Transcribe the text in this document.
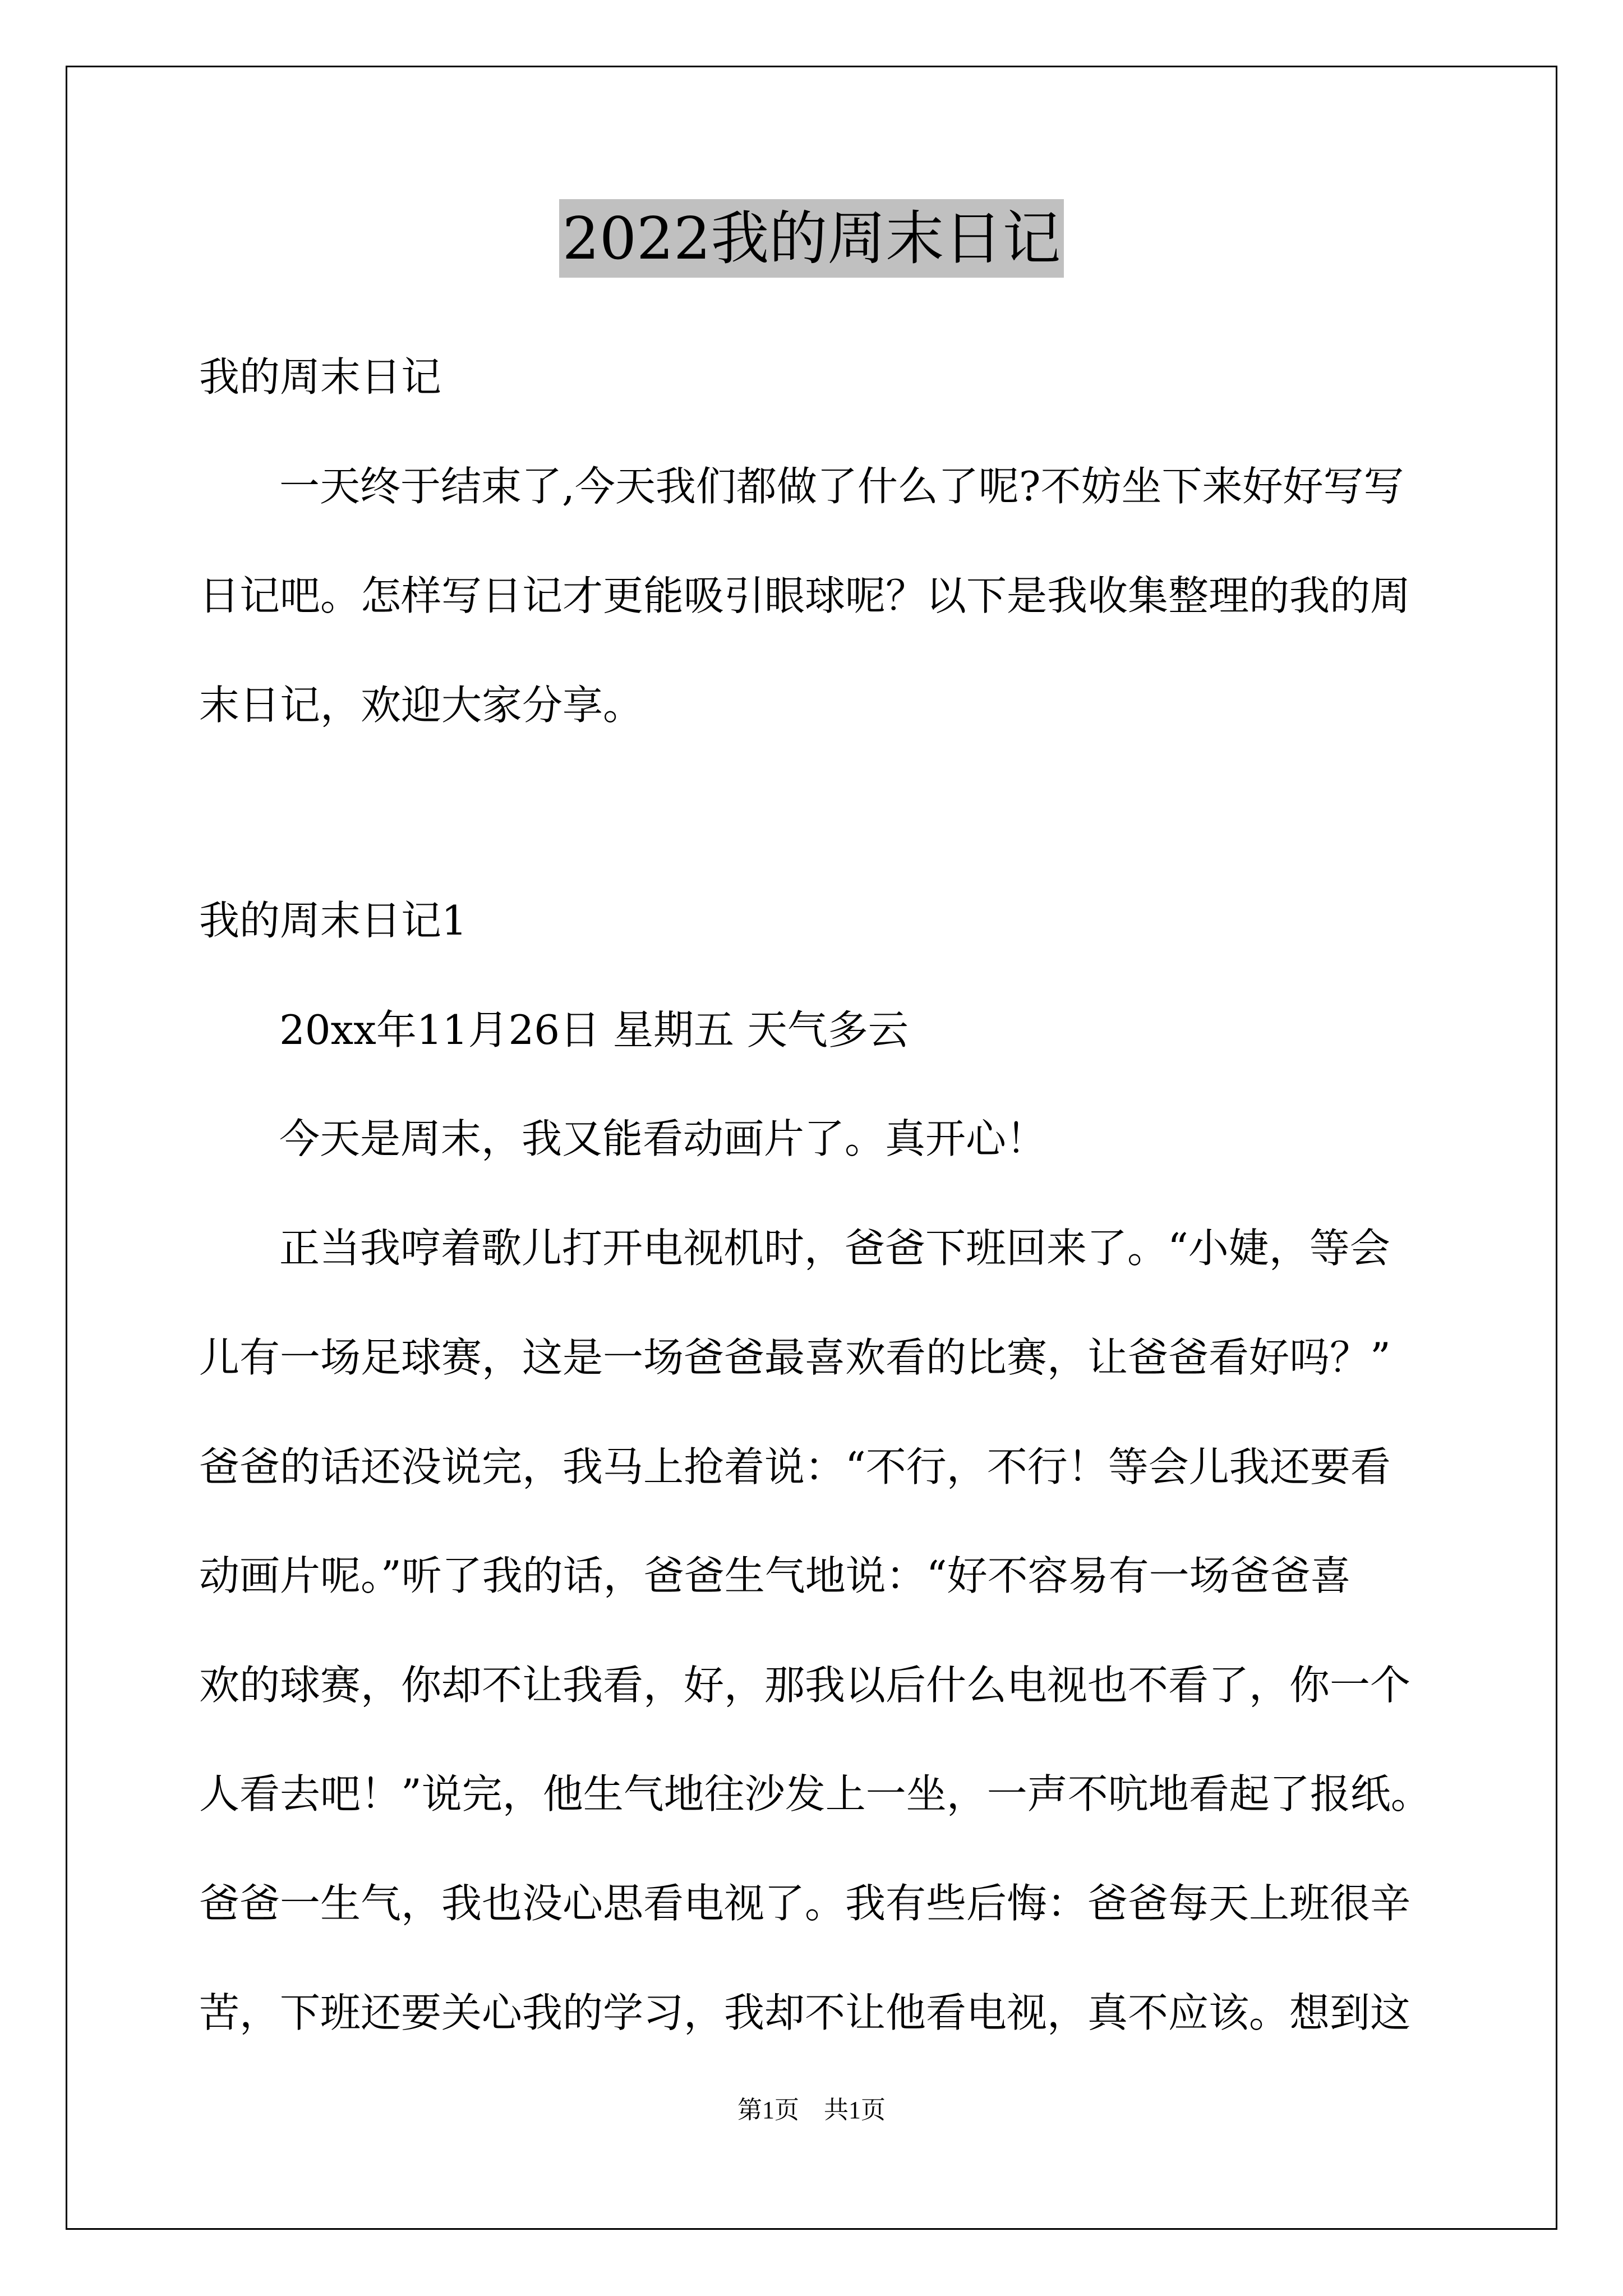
2022我的周末日记
我的周末日记
一天终于结束了,今天我们都做了什么了呢?不妨坐下来好好写写
日记吧。怎样写日记才更能吸引眼球呢？以下是我收集整理的我的周
末日记，欢迎大家分享。
我的周末日记1
20xx年11月26日 星期五 天气多云
今天是周末，我又能看动画片了。真开心！
正当我哼着歌儿打开电视机时，爸爸下班回来了。“小婕，等会
儿有一场足球赛，这是一场爸爸最喜欢看的比赛，让爸爸看好吗？”
爸爸的话还没说完，我马上抢着说：“不行，不行！等会儿我还要看
动画片呢。”听了我的话，爸爸生气地说：“好不容易有一场爸爸喜
欢的球赛，你却不让我看，好，那我以后什么电视也不看了，你一个
人看去吧！”说完，他生气地往沙发上一坐，一声不吭地看起了报纸。
爸爸一生气，我也没心思看电视了。我有些后悔：爸爸每天上班很辛
苦，下班还要关心我的学习，我却不让他看电视，真不应该。想到这
第1页　共1页
